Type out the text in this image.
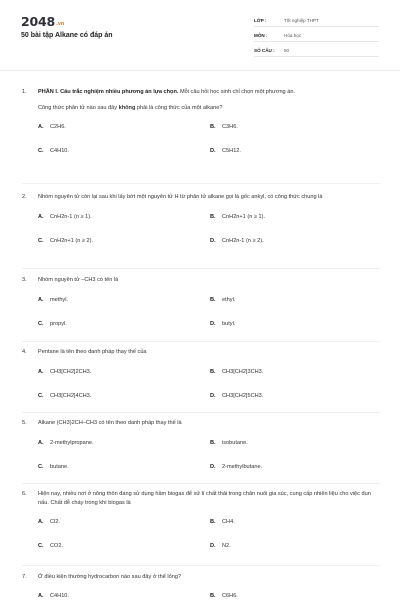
2048.vn
50 bài tập Alkane có đáp án
LỚP :	Tốt nghiệp THPT
MÔN :	Hóa học
SỐ CÂU : 50
1. PHẦN I. Câu trắc nghiệm nhiều phương án lựa chọn. Mỗi câu hỏi học sinh chỉ chọn một phương án.
Công thức phân tử nào sau đây không phải là công thức của một alkane?
A. C2H6.	B. C3H6.
C. C4H10.	D. C5H12.
2. Nhóm nguyên tử còn lại sau khi lấy bớt một nguyên tử H từ phân tử alkane gọi là gốc ankyl, có công thức chung là
A. CnH2n-1 (n ≥ 1).	B. CnH2n+1 (n ≥ 1).
C. CnH2n+1 (n ≥ 2).	D. CnH2n-1 (n ≥ 2).
3. Nhóm nguyên tử –CH3 có tên là
A. methyl.	B. ethyl.
C. propyl.	D. butyl.
4. Pentane là tên theo danh pháp thay thế của
A. CH3[CH2]2CH3.	B. CH3[CH2]3CH3.
C. CH3[CH2]4CH3.	D. CH3[CH2]5CH3.
5. Alkane (CH3)2CH–CH3 có tên theo danh pháp thay thế là
A. 2-methylpropane.	B. isobutane.
C. butane.	D. 2-methylbutane.
6. Hiện nay, nhiều nơi ở nông thôn đang sử dụng hầm biogas để xử lí chất thải trong chăn nuôi gia súc, cung cấp nhiên liệu cho việc đun nấu. Chất dễ cháy trong khí biogas là
A. Cl2.	B. CH4.
C. CO2.	D. N2.
7. Ở điều kiện thường hydrocarbon nào sau đây ở thể lỏng?
A. C4H10.	B. C6H6.
